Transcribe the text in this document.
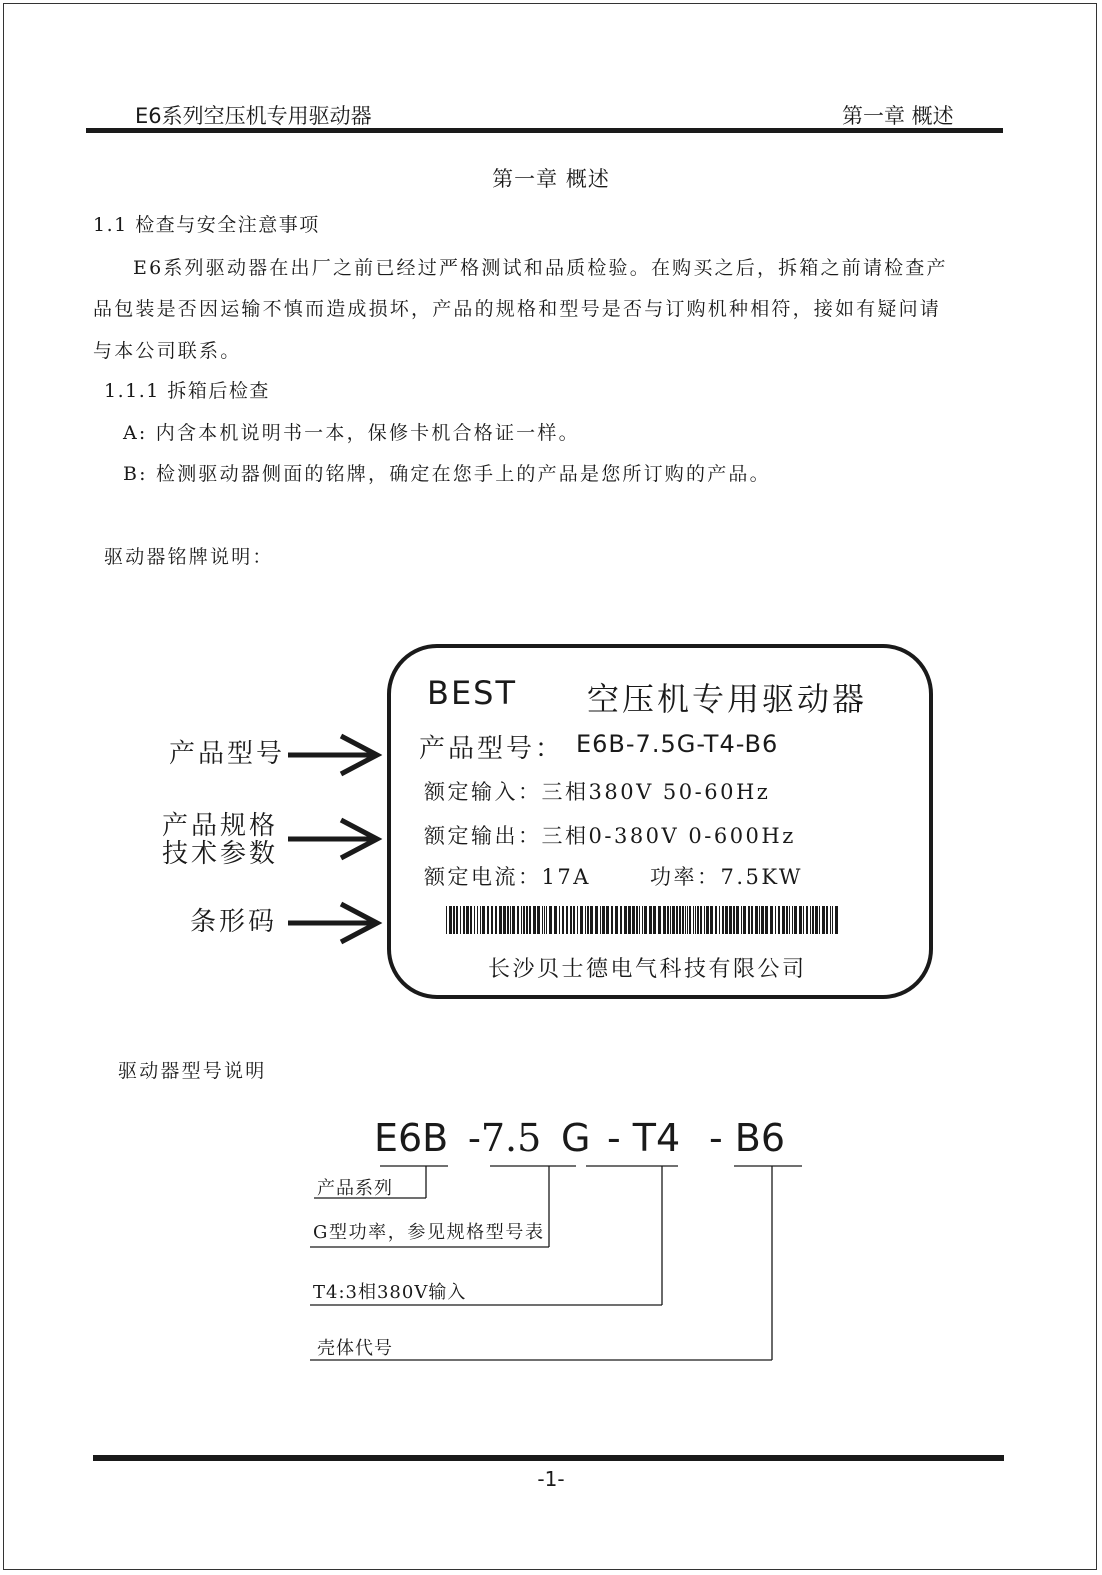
E6系列空压机专用驱动器	第一章 概述
第一章 概述
1.1 检查与安全注意事项
E6系列驱动器在出厂之前已经过严格测试和品质检验。在购买之后，拆箱之前请检查产
品包装是否因运输不慎而造成损坏，产品的规格和型号是否与订购机种相符，接如有疑问请
与本公司联系。
1.1.1 拆箱后检查
A: 内含本机说明书一本，保修卡机合格证一样。
B: 检测驱动器侧面的铭牌，确定在您手上的产品是您所订购的产品。
驱动器铭牌说明：
产品型号
产品规格
技术参数
条形码
BEST 空压机专用驱动器
产品型号： E6B-7.5G-T4-B6
额定输入：三相380V 50-60Hz
额定输出：三相0-380V 0-600Hz
额定电流：17A	功率：7.5KW
长沙贝士德电气科技有限公司
驱动器型号说明
E6B -7.5 G - T4 - B6
产品系列
G型功率，参见规格型号表
T4:3相380V输入
壳体代号
-1-
